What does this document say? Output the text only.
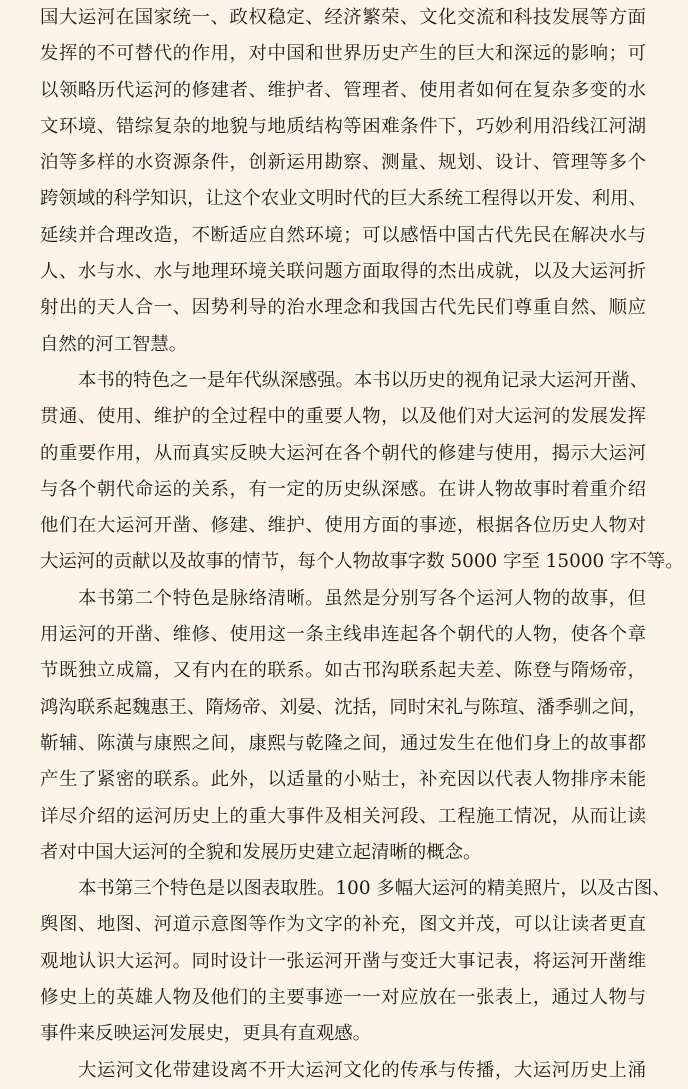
国大运河在国家统一、政权稳定、经济繁荣、文化交流和科技发展等方面
发挥的不可替代的作用，对中国和世界历史产生的巨大和深远的影响；可
以领略历代运河的修建者、维护者、管理者、使用者如何在复杂多变的水
文环境、错综复杂的地貌与地质结构等困难条件下，巧妙利用沿线江河湖
泊等多样的水资源条件，创新运用勘察、测量、规划、设计、管理等多个
跨领域的科学知识，让这个农业文明时代的巨大系统工程得以开发、利用、
延续并合理改造，不断适应自然环境；可以感悟中国古代先民在解决水与
人、水与水、水与地理环境关联问题方面取得的杰出成就，以及大运河折
射出的天人合一、因势利导的治水理念和我国古代先民们尊重自然、顺应
自然的河工智慧。
本书的特色之一是年代纵深感强。本书以历史的视角记录大运河开凿、
贯通、使用、维护的全过程中的重要人物，以及他们对大运河的发展发挥
的重要作用，从而真实反映大运河在各个朝代的修建与使用，揭示大运河
与各个朝代命运的关系，有一定的历史纵深感。在讲人物故事时着重介绍
他们在大运河开凿、修建、维护、使用方面的事迹，根据各位历史人物对
大运河的贡献以及故事的情节，每个人物故事字数 5000 字至 15000 字不等。
本书第二个特色是脉络清晰。虽然是分别写各个运河人物的故事，但
用运河的开凿、维修、使用这一条主线串连起各个朝代的人物，使各个章
节既独立成篇，又有内在的联系。如古邗沟联系起夫差、陈登与隋炀帝，
鸿沟联系起魏惠王、隋炀帝、刘晏、沈括，同时宋礼与陈瑄、潘季驯之间，
靳辅、陈潢与康熙之间，康熙与乾隆之间，通过发生在他们身上的故事都
产生了紧密的联系。此外，以适量的小贴士，补充因以代表人物排序未能
详尽介绍的运河历史上的重大事件及相关河段、工程施工情况，从而让读
者对中国大运河的全貌和发展历史建立起清晰的概念。
本书第三个特色是以图表取胜。100 多幅大运河的精美照片，以及古图、
舆图、地图、河道示意图等作为文字的补充，图文并茂，可以让读者更直
观地认识大运河。同时设计一张运河开凿与变迁大事记表，将运河开凿维
修史上的英雄人物及他们的主要事迹一一对应放在一张表上，通过人物与
事件来反映运河发展史，更具有直观感。
大运河文化带建设离不开大运河文化的传承与传播，大运河历史上涌
